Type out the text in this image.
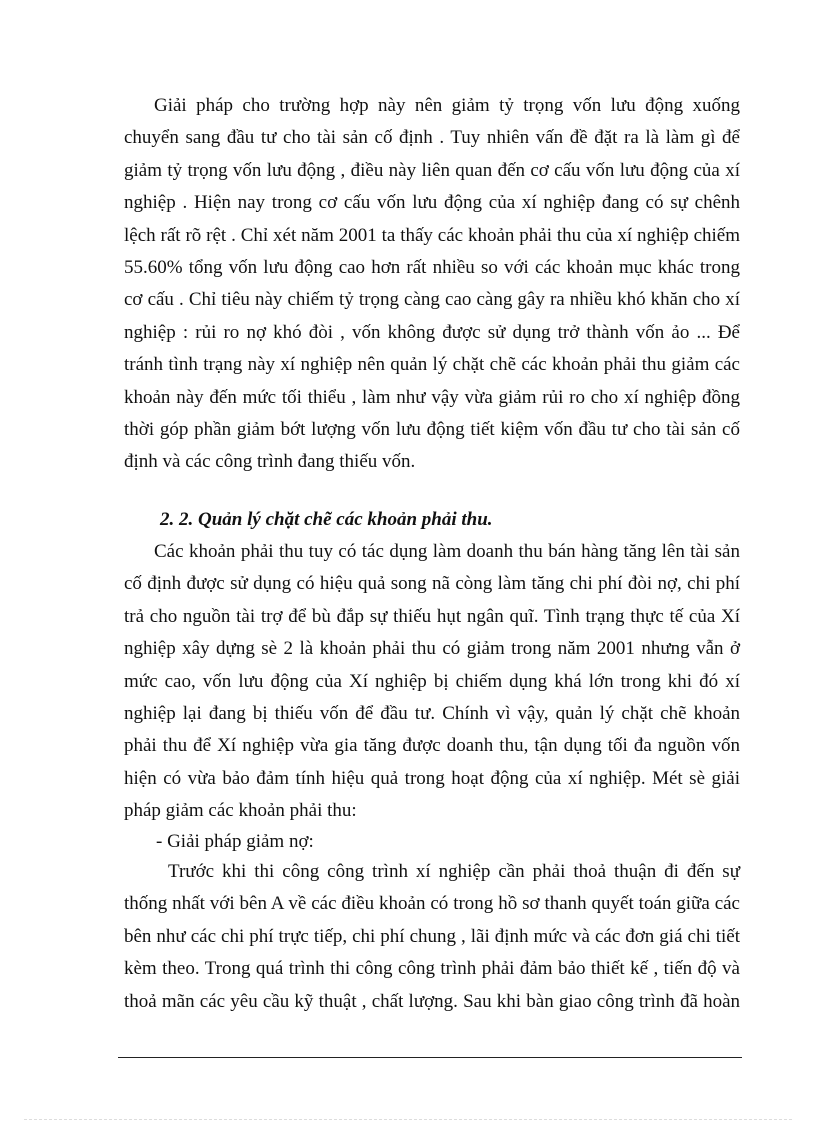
Giải pháp cho trường hợp này nên giảm tỷ trọng vốn lưu động xuống
chuyển sang đầu tư cho tài sản cố định . Tuy nhiên vấn đề đặt ra là làm gì để
giảm tỷ trọng vốn lưu động , điều này liên quan đến cơ cấu vốn lưu động của xí
nghiệp . Hiện nay trong cơ cấu vốn lưu động của xí nghiệp đang có sự chênh
lệch rất rõ rệt . Chỉ xét năm 2001 ta thấy các khoản phải thu của xí nghiệp chiếm
55.60% tổng vốn lưu động cao hơn rất nhiều so với các khoản mục khác trong
cơ cấu . Chỉ tiêu này chiếm tỷ trọng càng cao càng gây ra nhiều khó khăn cho xí
nghiệp : rủi ro nợ khó đòi , vốn không được sử dụng trở thành vốn ảo ... Để
tránh tình trạng này xí nghiệp nên quản lý chặt chẽ các khoản phải thu giảm các
khoản này đến mức tối thiểu , làm như vậy vừa giảm rủi ro cho xí nghiệp đồng
thời góp phần giảm bớt lượng vốn lưu động tiết kiệm vốn đầu tư cho tài sản cố
định và các công trình đang thiếu vốn.
2. 2. Quản lý chặt chẽ các khoản phải thu.
Các khoản phải thu tuy có tác dụng làm doanh thu bán hàng tăng lên tài sản
cố định được sử dụng có hiệu quả song nã còng làm tăng chi phí đòi nợ, chi phí
trả cho nguồn tài trợ để bù đắp sự thiếu hụt ngân quĩ. Tình trạng thực tế của Xí
nghiệp xây dựng sè 2 là khoản phải thu có giảm trong năm 2001 nhưng vẫn ở
mức cao, vốn lưu động của Xí nghiệp bị chiếm dụng khá lớn trong khi đó xí
nghiệp lại đang bị thiếu vốn để đầu tư. Chính vì vậy, quản lý chặt chẽ khoản
phải thu để Xí nghiệp vừa gia tăng được doanh thu, tận dụng tối đa nguồn vốn
hiện có vừa bảo đảm tính hiệu quả trong hoạt động của xí nghiệp. Mét sè giải
pháp giảm các khoản phải thu:
- Giải pháp giảm nợ:
Trước khi thi công công trình xí nghiệp cần phải thoả thuận đi đến sự
thống nhất với bên A về các điều khoản có trong hồ sơ thanh quyết toán giữa các
bên như các chi phí trực tiếp, chi phí chung , lãi định mức và các đơn giá chi tiết
kèm theo. Trong quá trình thi công công trình phải đảm bảo thiết kế , tiến độ và
thoả mãn các yêu cầu kỹ thuật , chất lượng. Sau khi bàn giao công trình đã hoàn
